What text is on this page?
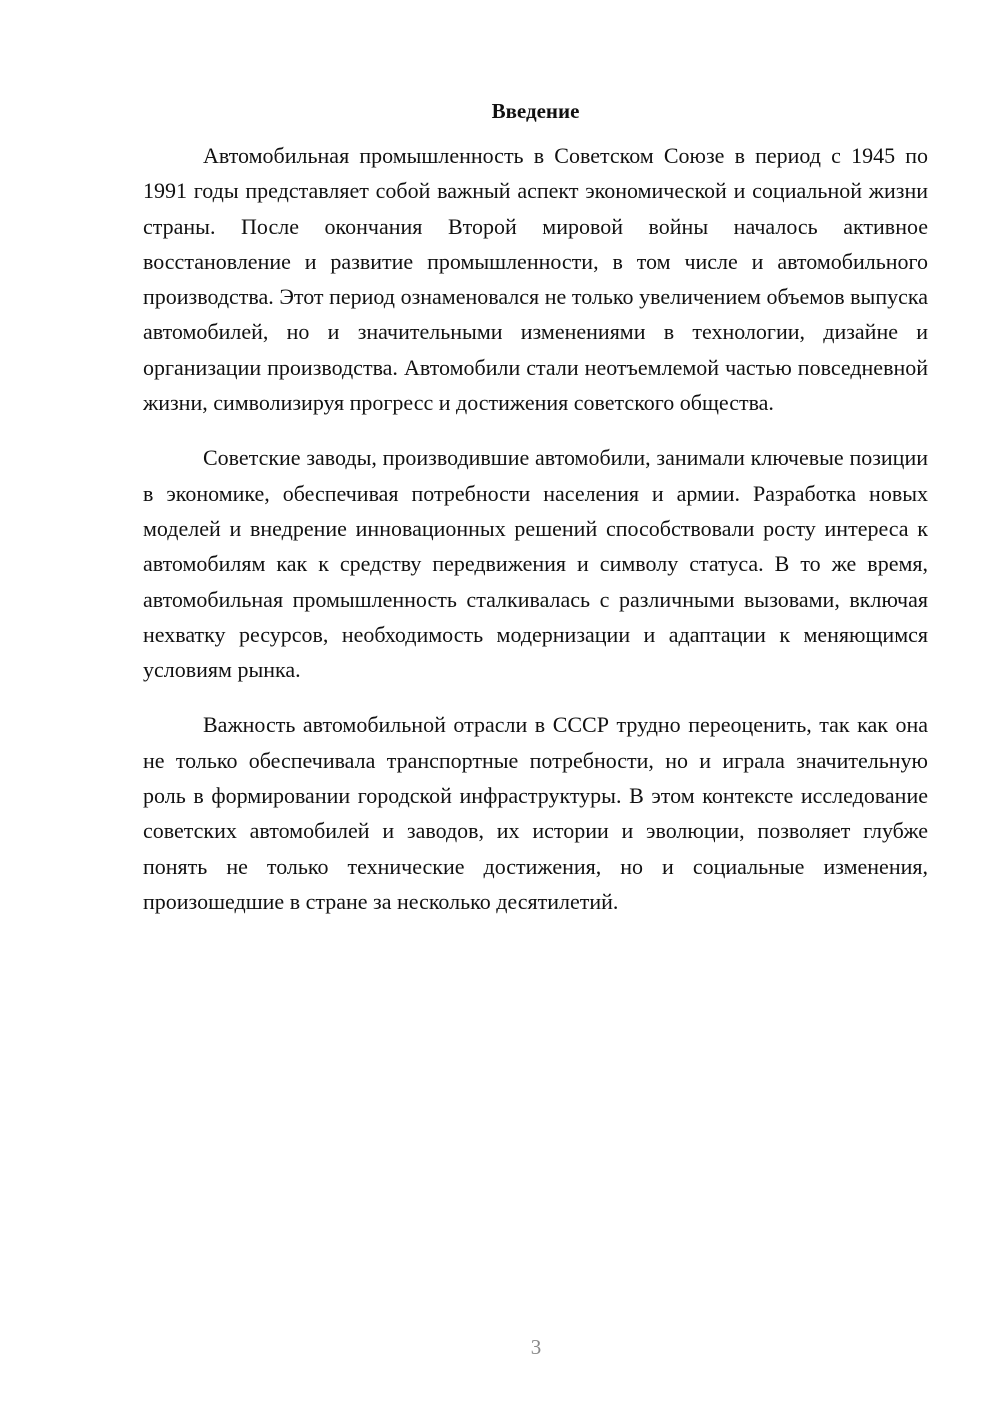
Введение

Автомобильная промышленность в Советском Союзе в период с 1945 по 1991 годы представляет собой важный аспект экономической и социальной жизни страны. После окончания Второй мировой войны началось активное восстановление и развитие промышленности, в том числе и автомобильного производства. Этот период ознаменовался не только увеличением объемов выпуска автомобилей, но и значительными изменениями в технологии, дизайне и организации производства. Автомобили стали неотъемлемой частью повседневной жизни, символизируя прогресс и достижения советского общества.

Советские заводы, производившие автомобили, занимали ключевые позиции в экономике, обеспечивая потребности населения и армии. Разработка новых моделей и внедрение инновационных решений способствовали росту интереса к автомобилям как к средству передвижения и символу статуса. В то же время, автомобильная промышленность сталкивалась с различными вызовами, включая нехватку ресурсов, необходимость модернизации и адаптации к меняющимся условиям рынка.

Важность автомобильной отрасли в СССР трудно переоценить, так как она не только обеспечивала транспортные потребности, но и играла значительную роль в формировании городской инфраструктуры. В этом контексте исследование советских автомобилей и заводов, их истории и эволюции, позволяет глубже понять не только технические достижения, но и социальные изменения, произошедшие в стране за несколько десятилетий.

3
